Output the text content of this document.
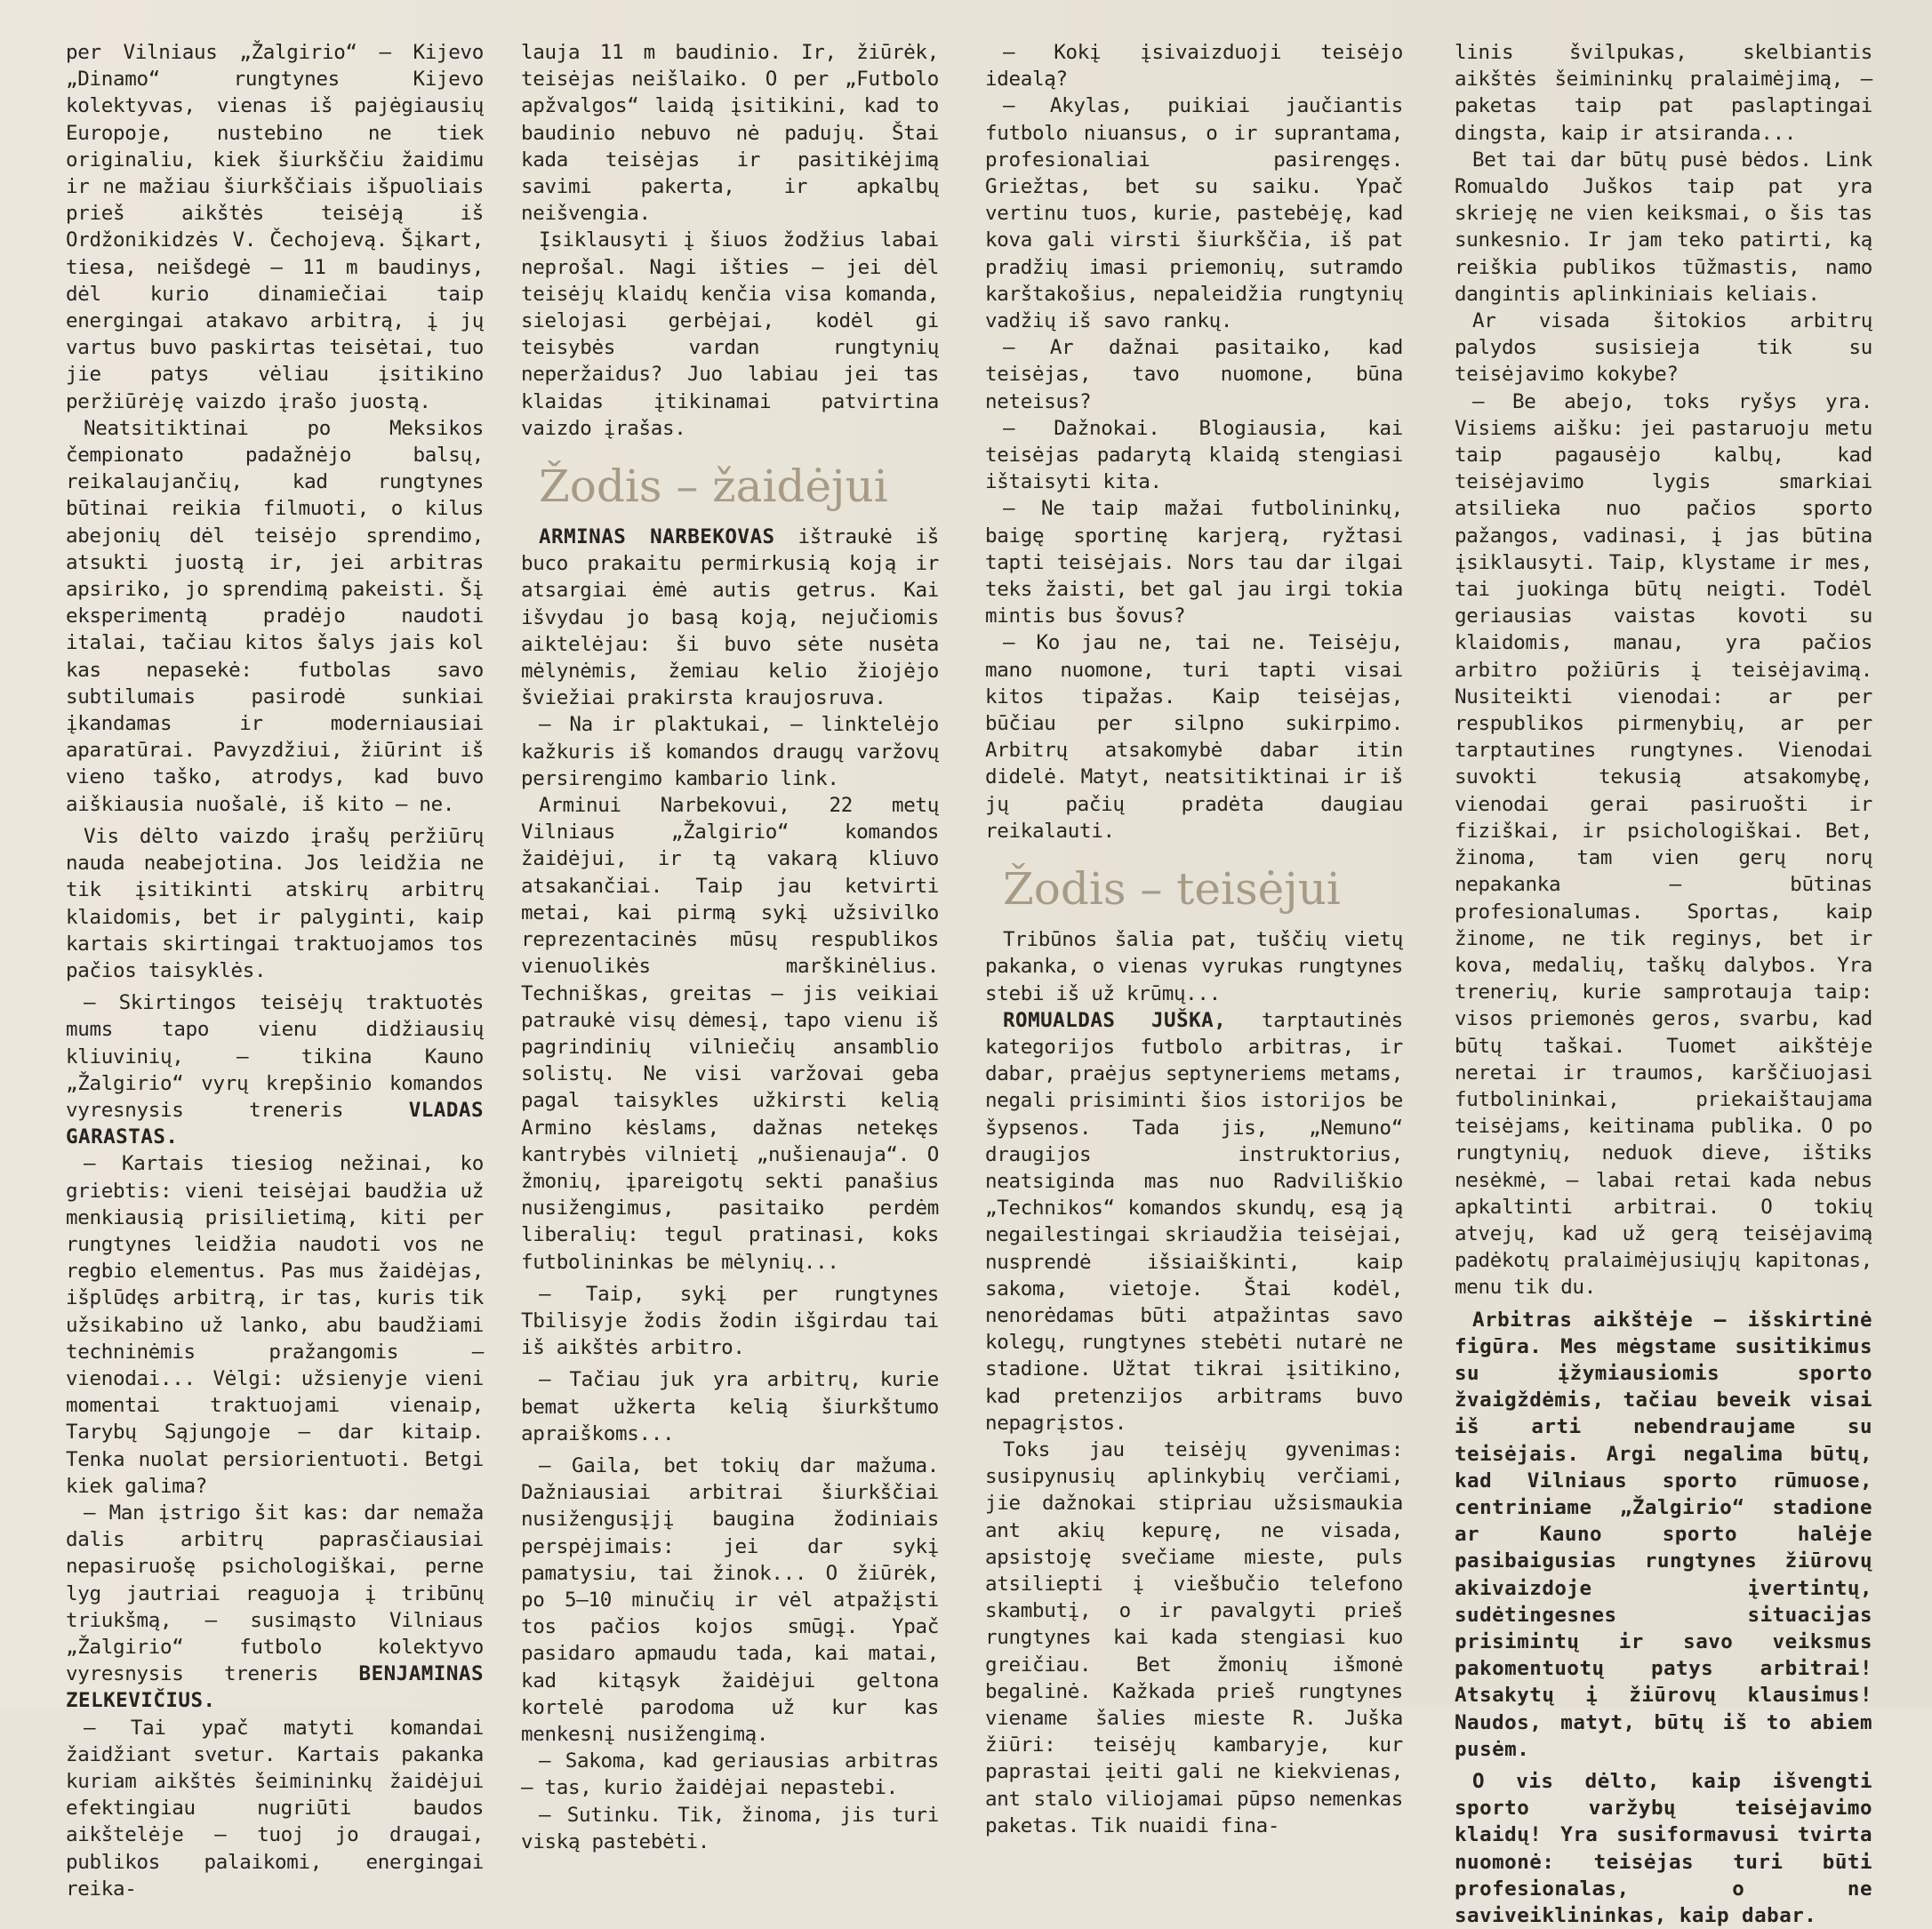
per Vilniaus „Žalgirio“ — Kijevo „Dinamo“ rungtynes Kijevo kolektyvas, vienas iš pajėgiausių Europoje, nustebino ne tiek originaliu, kiek šiurkščiu žaidimu ir ne mažiau šiurkščiais išpuoliais prieš aikštės teisėją iš Ordžonikidzės V. Čechojevą. Šįkart, tiesa, neišdegė — 11 m baudinys, dėl kurio dinamiečiai taip energingai atakavo arbitrą, į jų vartus buvo paskirtas teisėtai, tuo jie patys vėliau įsitikino peržiūrėję vaizdo įrašo juostą.

Neatsitiktinai po Meksikos čempionato padažnėjo balsų, reikalaujančių, kad rungtynes būtinai reikia filmuoti, o kilus abejonių dėl teisėjo sprendimo, atsukti juostą ir, jei arbitras apsiriko, jo sprendimą pakeisti. Šį eksperimentą pradėjo naudoti italai, tačiau kitos šalys jais kol kas nepasekė: futbolas savo subtilumais pasirodė sunkiai įkandamas ir moderniausiai aparatūrai. Pavyzdžiui, žiūrint iš vieno taško, atrodys, kad buvo aiškiausia nuošalė, iš kito — ne.

Vis dėlto vaizdo įrašų peržiūrų nauda neabejotina. Jos leidžia ne tik įsitikinti atskirų arbitrų klaidomis, bet ir palyginti, kaip kartais skirtingai traktuojamos tos pačios taisyklės.

— Skirtingos teisėjų traktuotės mums tapo vienu didžiausių kliuvinių, — tikina Kauno „Žalgirio“ vyrų krepšinio komandos vyresnysis treneris	VLADAS GARASTAS.

— Kartais tiesiog nežinai, ko griebtis: vieni teisėjai baudžia už menkiausią prisilietimą, kiti per rungtynes leidžia naudoti vos ne regbio elementus. Pas mus žaidėjas, išplūdęs arbitrą, ir tas, kuris tik užsikabino už lanko, abu baudžiami techninėmis pražangomis — vienodai... Vėlgi: užsienyje vieni momentai traktuojami vienaip, Tarybų Sąjungoje — dar kitaip. Tenka nuolat persiorientuoti. Betgi kiek galima?

— Man įstrigo šit kas: dar nemaža dalis arbitrų paprasčiausiai nepasiruošę psichologiškai, perne lyg jautriai reaguoja į tribūnų triukšmą, — susimąsto Vilniaus „Žalgirio“ futbolo kolektyvo vyresnysis treneris BENJAMINAS ZELKEVIČIUS.

— Tai ypač matyti komandai žaidžiant svetur. Kartais pakanka kuriam aikštės šeimininkų žaidėjui efektingiau nugriūti baudos aikštelėje — tuoj jo draugai, publikos palaikomi, energingai reika-

lauja 11 m baudinio. Ir, žiūrėk, teisėjas neišlaiko. O per „Futbolo apžvalgos“ laidą įsitikini, kad to baudinio nebuvo nė padujų. Štai kada teisėjas ir pasitikėjimą savimi pakerta, ir apkalbų neišvengia.

Įsiklausyti į šiuos žodžius labai neprošal. Nagi išties — jei dėl teisėjų klaidų kenčia visa komanda, sielojasi gerbėjai, kodėl gi teisybės vardan rungtynių neperžaidus? Juo labiau jei tas klaidas įtikinamai patvirtina vaizdo įrašas.

Žodis – žaidėjui

ARMINAS NARBEKOVAS ištraukė iš buco prakaitu permirkusią koją ir atsargiai ėmė autis getrus. Kai išvydau jo basą koją, nejučiomis aiktelėjau: ši buvo sėte nusėta mėlynėmis, žemiau kelio žiojėjo šviežiai prakirsta kraujosruva.

— Na ir plaktukai, — linktelėjo kažkuris iš komandos draugų varžovų persirengimo kambario link.

Arminui Narbekovui, 22 metų Vilniaus „Žalgirio“ komandos žaidėjui, ir tą vakarą kliuvo atsakančiai. Taip jau ketvirti metai, kai pirmą sykį užsivilko reprezentacinės mūsų respublikos vienuolikės marškinėlius. Techniškas, greitas — jis veikiai patraukė visų dėmesį, tapo vienu iš pagrindinių vilniečių ansamblio solistų. Ne visi varžovai geba pagal taisykles užkirsti kelią Armino kėslams, dažnas netekęs kantrybės vilnietį „nušienauja“. O žmonių, įpareigotų sekti panašius nusižengimus, pasitaiko perdėm liberalių: tegul pratinasi, koks futbolininkas be mėlynių...

— Taip, sykį per rungtynes Tbilisyje žodis žodin išgirdau tai iš aikštės arbitro.

— Tačiau juk yra arbitrų, kurie bemat užkerta kelią šiurkštumo apraiškoms...

— Gaila, bet tokių dar mažuma. Dažniausiai arbitrai šiurkščiai nusižengusįjį baugina žodiniais perspėjimais: jei dar sykį pamatysiu, tai žinok... O žiūrėk, po 5—10 minučių ir vėl atpažįsti tos pačios kojos smūgį. Ypač pasidaro apmaudu tada, kai matai, kad kitąsyk žaidėjui geltona kortelė parodoma už kur kas menkesnį nusižengimą.

— Sakoma, kad geriausias arbitras — tas, kurio žaidėjai nepastebi.

— Sutinku. Tik, žinoma, jis turi viską pastebėti.

— Kokį įsivaizduoji teisėjo idealą?

— Akylas, puikiai jaučiantis futbolo niuansus, o ir suprantama, profesionaliai pasirengęs. Griežtas, bet su saiku. Ypač vertinu tuos, kurie, pastebėję, kad kova gali virsti šiurkščia, iš pat pradžių imasi priemonių, sutramdo karštakošius, nepaleidžia rungtynių vadžių iš savo rankų.

— Ar dažnai pasitaiko, kad teisėjas, tavo nuomone, būna neteisus?

— Dažnokai. Blogiausia, kai teisėjas padarytą klaidą stengiasi ištaisyti kita.

— Ne taip mažai futbolininkų, baigę sportinę karjerą, ryžtasi tapti teisėjais. Nors tau dar ilgai teks žaisti, bet gal jau irgi tokia mintis bus šovus?

— Ko jau ne, tai ne. Teisėju, mano nuomone, turi tapti visai kitos tipažas. Kaip teisėjas, būčiau per silpno sukirpimo. Arbitrų atsakomybė dabar itin didelė. Matyt, neatsitiktinai ir iš jų pačių pradėta daugiau reikalauti.

Žodis – teisėjui

Tribūnos šalia pat, tuščių vietų pakanka, o vienas vyrukas rungtynes stebi iš už krūmų...

ROMUALDAS JUŠKA, tarptautinės kategorijos futbolo arbitras, ir dabar, praėjus septyneriems metams, negali prisiminti šios istorijos be šypsenos. Tada jis, „Nemuno“ draugijos instruktorius, neatsiginda mas nuo Radviliškio „Technikos“ komandos skundų, esą ją negailestingai skriaudžia teisėjai, nusprendė išsiaiškinti, kaip sakoma, vietoje. Štai kodėl, nenorėdamas būti atpažintas savo kolegų, rungtynes stebėti nutarė ne stadione. Užtat tikrai įsitikino, kad pretenzijos arbitrams buvo nepagrįstos.

Toks jau teisėjų gyvenimas: susipynusių aplinkybių verčiami, jie dažnokai stipriau užsismaukia ant akių kepurę, ne visada, apsistoję svečiame mieste, puls atsiliepti į viešbučio telefono skambutį, o ir pavalgyti prieš rungtynes kai kada stengiasi kuo greičiau. Bet žmonių išmonė begalinė. Kažkada prieš rungtynes viename šalies mieste R. Juška žiūri: teisėjų kambaryje, kur paprastai įeiti gali ne kiekvienas, ant stalo viliojamai pūpso nemenkas paketas. Tik nuaidi fina-

linis švilpukas, skelbiantis aikštės šeimininkų pralaimėjimą, — paketas taip pat paslaptingai dingsta, kaip ir atsiranda...

Bet tai dar būtų pusė bėdos. Link Romualdo Juškos taip pat yra skrieję ne vien keiksmai, o šis tas sunkesnio. Ir jam teko patirti, ką reiškia publikos tūžmastis, namo dangintis aplinkiniais keliais.

Ar visada šitokios arbitrų palydos susisieja tik su teisėjavimo kokybe?

— Be abejo, toks ryšys yra. Visiems aišku: jei pastaruoju metu taip pagausėjo kalbų, kad teisėjavimo lygis smarkiai atsilieka nuo pačios sporto pažangos, vadinasi, į jas būtina įsiklausyti. Taip, klystame ir mes, tai juokinga būtų neigti. Todėl geriausias vaistas kovoti su klaidomis, manau, yra pačios arbitro požiūris į teisėjavimą. Nusiteikti vienodai: ar per respublikos pirmenybių, ar per tarptautines rungtynes. Vienodai suvokti tekusią atsakomybę, vienodai gerai pasiruošti ir fiziškai, ir psichologiškai. Bet, žinoma, tam vien gerų norų nepakanka — būtinas profesionalumas. Sportas, kaip žinome, ne tik reginys, bet ir kova, medalių, taškų dalybos. Yra trenerių, kurie samprotauja taip: visos priemonės geros, svarbu, kad būtų taškai. Tuomet aikštėje neretai ir traumos, karščiuojasi futbolininkai, priekaištaujama teisėjams, keitinama publika. O po rungtynių, neduok dieve, ištiks nesėkmė, — labai retai kada nebus apkaltinti arbitrai. O tokių atvejų, kad už gerą teisėjavimą padėkotų pralaimėjusiųjų kapitonas, menu tik du.

Arbitras aikštėje — išskirtinė figūra. Mes mėgstame susitikimus su įžymiausiomis sporto žvaigždėmis, tačiau beveik visai iš arti nebendraujame su teisėjais. Argi negalima būtų, kad Vilniaus sporto rūmuose, centriniame „Žalgirio“ stadione ar Kauno sporto halėje pasibaigusias rungtynes žiūrovų akivaizdoje įvertintų, sudėtingesnes situacijas prisimintų ir savo veiksmus pakomentuotų patys arbitrai! Atsakytų į žiūrovų klausimus! Naudos, matyt, būtų iš to abiem pusėm.

O vis dėlto, kaip išvengti sporto varžybų teisėjavimo klaidų! Yra susiformavusi tvirta nuomonė: teisėjas turi būti profesionalas, o ne saviveiklininkas, kaip dabar.
